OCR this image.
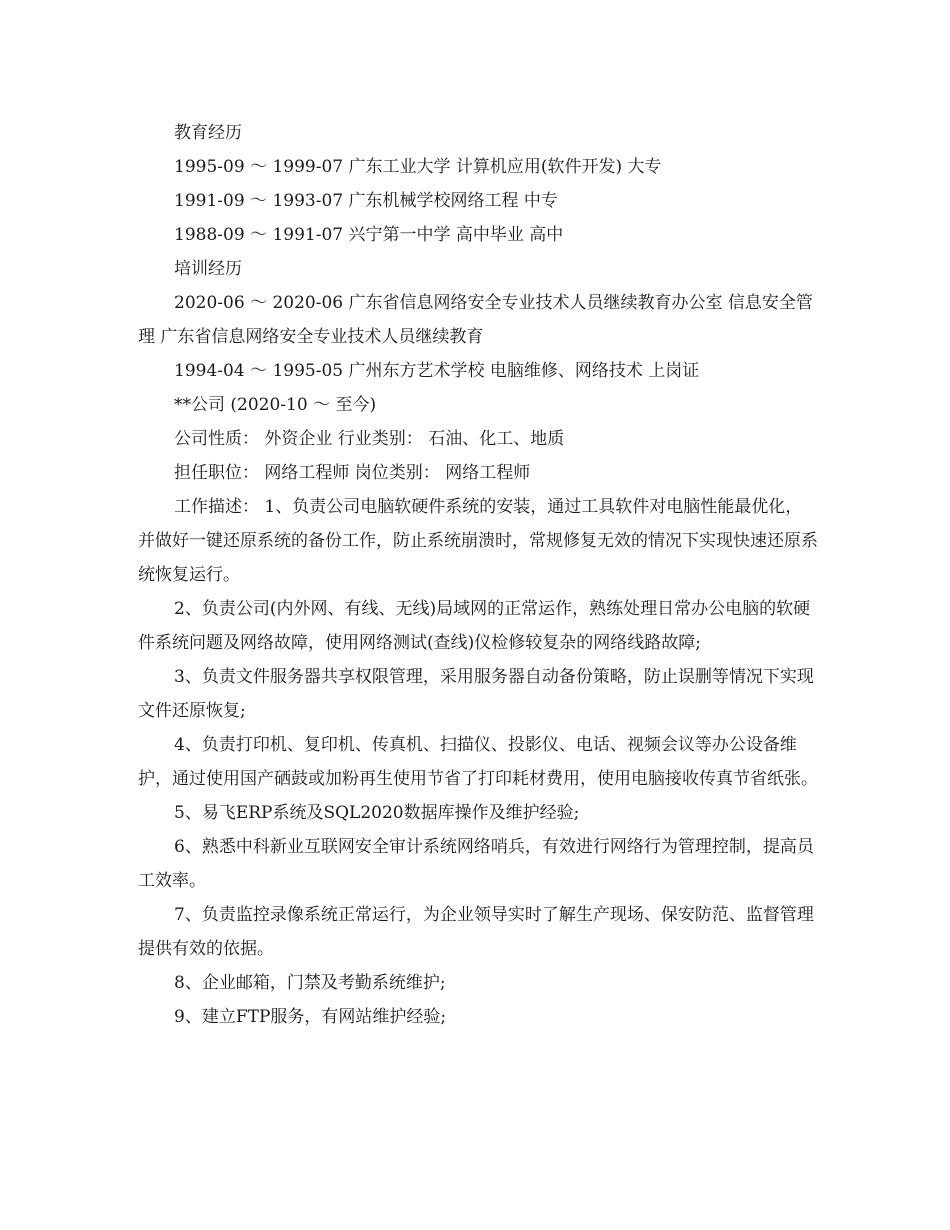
教育经历

1995-09 ～ 1999-07 广东工业大学 计算机应用(软件开发) 大专

1991-09 ～ 1993-07 广东机械学校网络工程 中专

1988-09 ～ 1991-07 兴宁第一中学 高中毕业 高中

培训经历

2020-06 ～ 2020-06 广东省信息网络安全专业技术人员继续教育办公室 信息安全管理 广东省信息网络安全专业技术人员继续教育

1994-04 ～ 1995-05 广州东方艺术学校 电脑维修、网络技术 上岗证

**公司 (2020-10 ～ 至今)

公司性质： 外资企业 行业类别： 石油、化工、地质

担任职位： 网络工程师 岗位类别： 网络工程师

工作描述： 1、负责公司电脑软硬件系统的安装，通过工具软件对电脑性能最优化，并做好一键还原系统的备份工作，防止系统崩溃时，常规修复无效的情况下实现快速还原系统恢复运行。

2、负责公司(内外网、有线、无线)局域网的正常运作，熟练处理日常办公电脑的软硬件系统问题及网络故障，使用网络测试(查线)仪检修较复杂的网络线路故障;

3、负责文件服务器共享权限管理，采用服务器自动备份策略，防止误删等情况下实现文件还原恢复;

4、负责打印机、复印机、传真机、扫描仪、投影仪、电话、视频会议等办公设备维护，通过使用国产硒鼓或加粉再生使用节省了打印耗材费用，使用电脑接收传真节省纸张。

5、易飞ERP系统及SQL2020数据库操作及维护经验;

6、熟悉中科新业互联网安全审计系统网络哨兵，有效进行网络行为管理控制，提高员工效率。

7、负责监控录像系统正常运行，为企业领导实时了解生产现场、保安防范、监督管理提供有效的依据。

8、企业邮箱，门禁及考勤系统维护;

9、建立FTP服务，有网站维护经验;
